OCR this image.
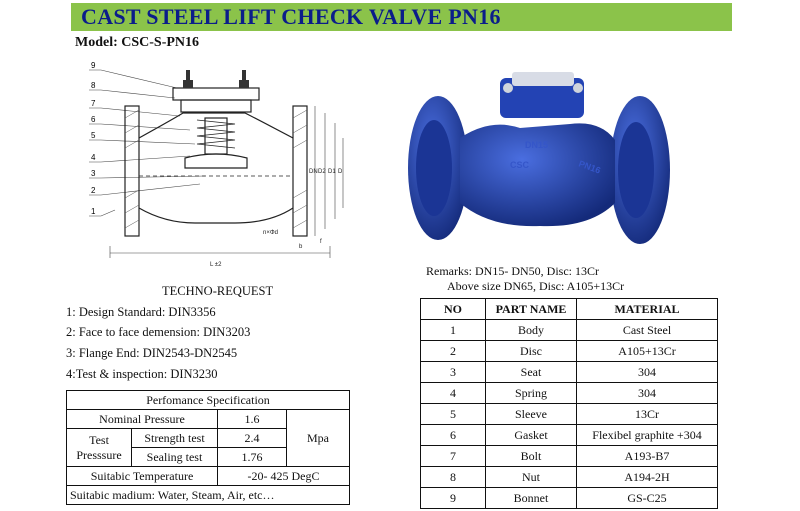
CAST STEEL LIFT CHECK VALVE PN16
Model: CSC-S-PN16
9
8
7
6
5
4
3
2
1
L ±2
b
f
n×Φd
DN D2 D1 D	PN16
CSC
DN15
Remarks: DN15- DN50, Disc: 13Cr
Above size DN65, Disc: A105+13Cr
TECHNO-REQUEST
1: Design Standard: DIN3356
2: Face to face demension: DIN3203
3: Flange End: DIN2543-DN2545
4:Test & inspection: DIN3230
Perfomance Specification			
Nominal Pressure		1.6	Mpa
Test Presssure	Strength test	2.4	
	Sealing test	1.76	
Suitabic Temperature		-20- 425 DegC	
Suitabic madium: Water, Steam, Air, etc…			
NO	PART NAME	MATERIAL
1	Body	Cast Steel
2	Disc	A105+13Cr
3	Seat	304
4	Spring	304
5	Sleeve	13Cr
6	Gasket	Flexibel graphite +304
7	Bolt	A193-B7
8	Nut	A194-2H
9	Bonnet	GS-C25
